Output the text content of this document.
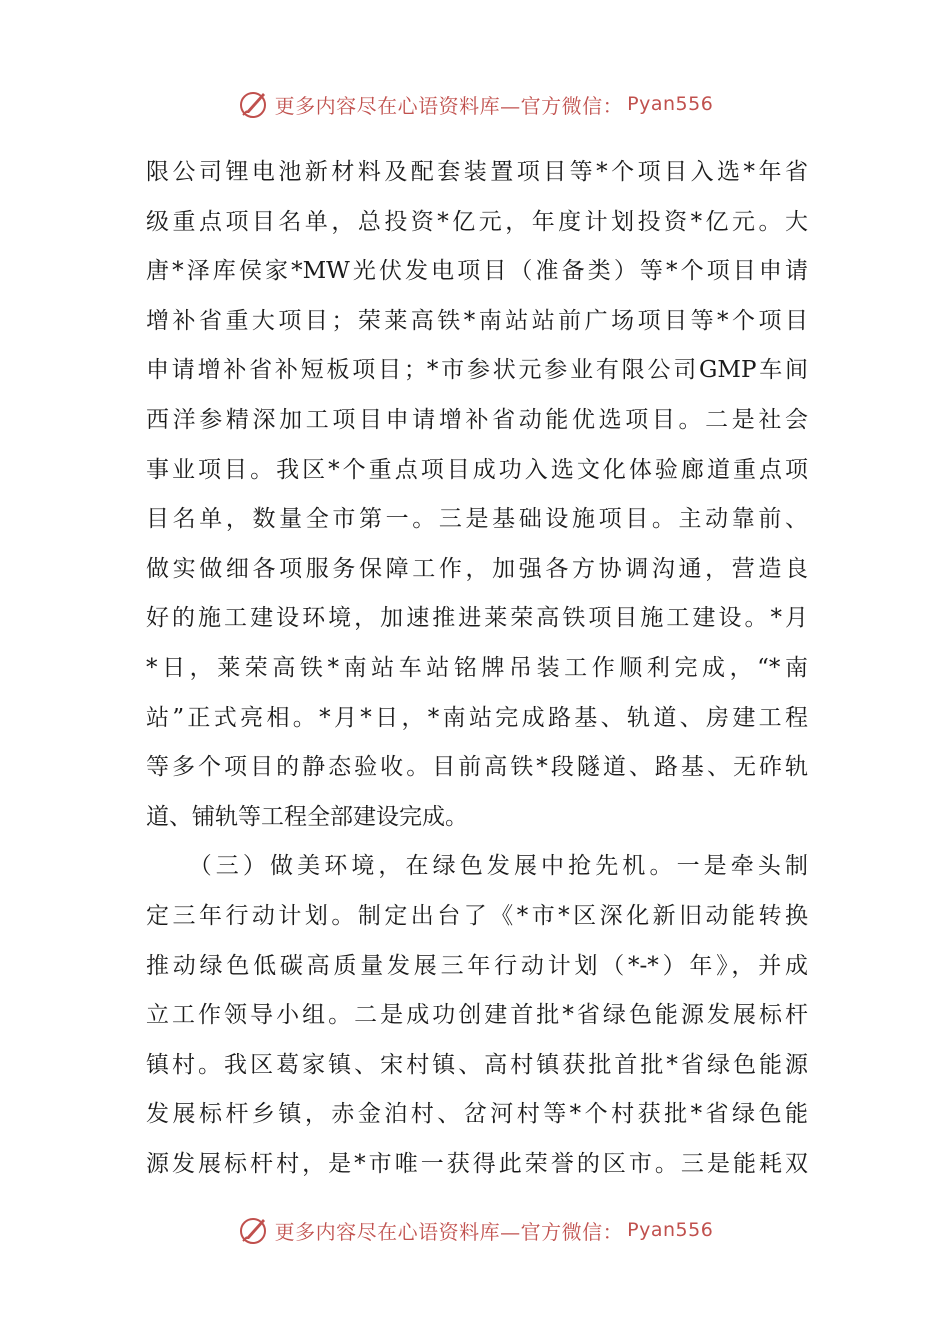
更多内容尽在心语资料库—官方微信： Pyan556
限公司锂电池新材料及配套装置项目等*个项目入选*年省
级重点项目名单，总投资*亿元，年度计划投资*亿元。大
唐*泽库侯家*MW光伏发电项目（准备类）等*个项目申请
增补省重大项目；荣莱高铁*南站站前广场项目等*个项目
申请增补省补短板项目；*市参状元参业有限公司GMP车间
西洋参精深加工项目申请增补省动能优选项目。二是社会
事业项目。我区*个重点项目成功入选文化体验廊道重点项
目名单，数量全市第一。三是基础设施项目。主动靠前、
做实做细各项服务保障工作，加强各方协调沟通，营造良
好的施工建设环境，加速推进莱荣高铁项目施工建设。*月
*日，莱荣高铁*南站车站铭牌吊装工作顺利完成，“*南
站”正式亮相。*月*日，*南站完成路基、轨道、房建工程
等多个项目的静态验收。目前高铁*段隧道、路基、无砟轨
道、铺轨等工程全部建设完成。
　　（三）做美环境，在绿色发展中抢先机。一是牵头制
定三年行动计划。制定出台了《*市*区深化新旧动能转换
推动绿色低碳高质量发展三年行动计划（*-*）年》，并成
立工作领导小组。二是成功创建首批*省绿色能源发展标杆
镇村。我区葛家镇、宋村镇、高村镇获批首批*省绿色能源
发展标杆乡镇，赤金泊村、岔河村等*个村获批*省绿色能
源发展标杆村，是*市唯一获得此荣誉的区市。三是能耗双
更多内容尽在心语资料库—官方微信： Pyan556
